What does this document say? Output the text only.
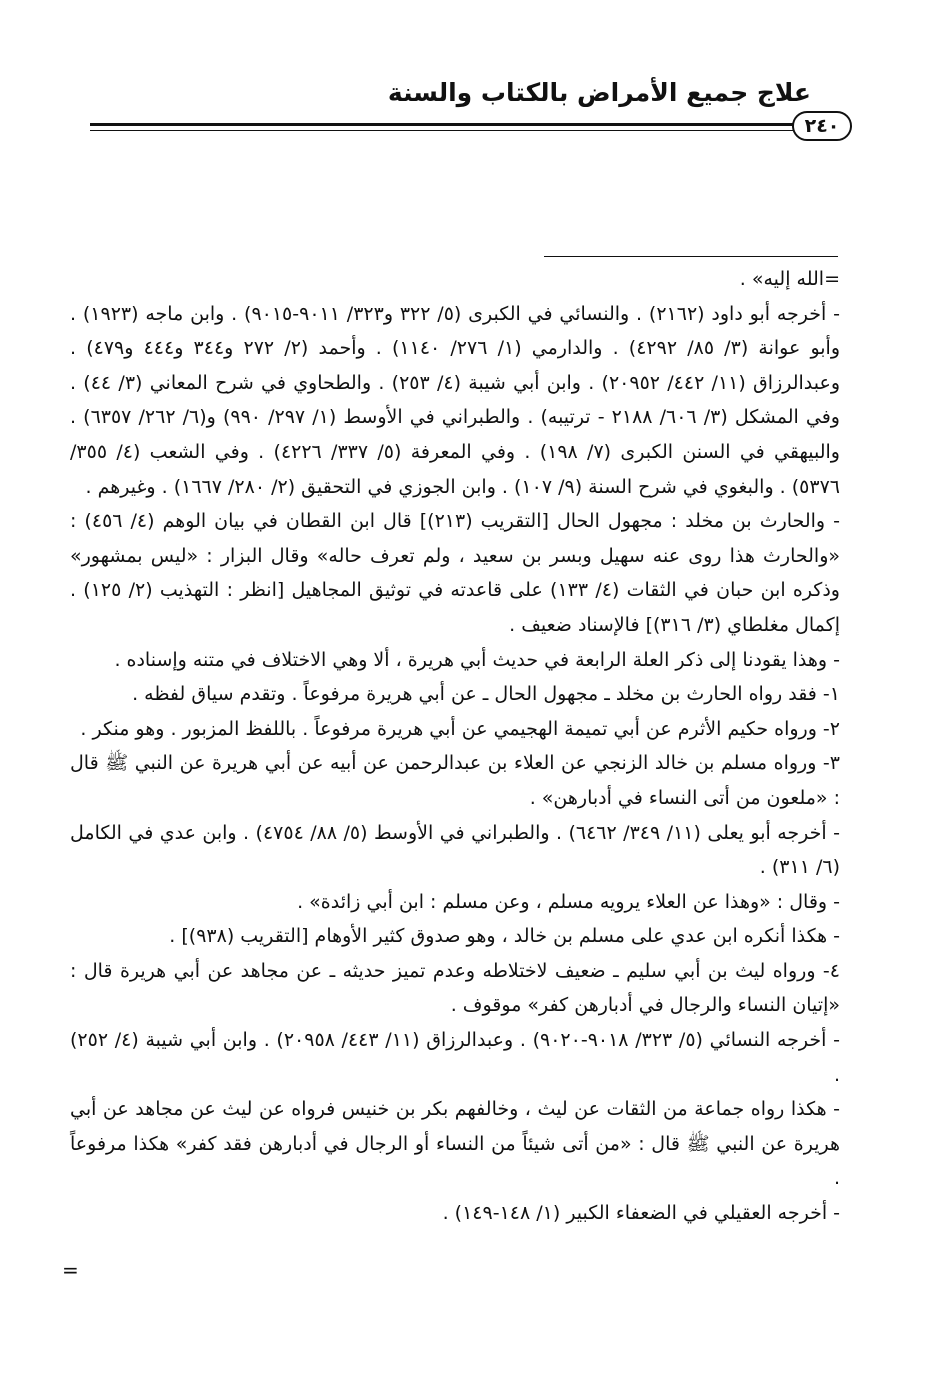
علاج جميع الأمراض بالكتاب والسنة
٢٤٠

=الله إليه» .

- أخرجه أبو داود (٢١٦٢) . والنسائي في الكبرى (٥/ ٣٢٢ و٣٢٣/ ٩٠١١-٩٠١٥) . وابن ماجه (١٩٢٣) . وأبو عوانة (٣/ ٨٥/ ٤٢٩٢) . والدارمي (١/ ٢٧٦/ ١١٤٠) . وأحمد (٢/ ٢٧٢ و٣٤٤ و٤٤٤ و٤٧٩) . وعبدالرزاق (١١/ ٤٤٢/ ٢٠٩٥٢) . وابن أبي شيبة (٤/ ٢٥٣) . والطحاوي في شرح المعاني (٣/ ٤٤) . وفي المشكل (٣/ ٦٠٦/ ٢١٨٨ - ترتيبه) . والطبراني في الأوسط (١/ ٢٩٧/ ٩٩٠) و(٦/ ٢٦٢/ ٦٣٥٧) . والبيهقي في السنن الكبرى (٧/ ١٩٨) . وفي المعرفة (٥/ ٣٣٧/ ٤٢٢٦) . وفي الشعب (٤/ ٣٥٥/ ٥٣٧٦) . والبغوي في شرح السنة (٩/ ١٠٧) . وابن الجوزي في التحقيق (٢/ ٢٨٠/ ١٦٦٧) . وغيرهم .

- والحارث بن مخلد : مجهول الحال [التقريب (٢١٣)] قال ابن القطان في بيان الوهم (٤/ ٤٥٦) : «والحارث هذا روى عنه سهيل وبسر بن سعيد ، ولم تعرف حاله» وقال البزار : «ليس بمشهور» وذكره ابن حبان في الثقات (٤/ ١٣٣) على قاعدته في توثيق المجاهيل [انظر : التهذيب (٢/ ١٢٥) . إكمال مغلطاي (٣/ ٣١٦)] فالإسناد ضعيف .

- وهذا يقودنا إلى ذكر العلة الرابعة في حديث أبي هريرة ، ألا وهي الاختلاف في متنه وإسناده .

١- فقد رواه الحارث بن مخلد ـ مجهول الحال ـ عن أبي هريرة مرفوعاً . وتقدم سياق لفظه .

٢- ورواه حكيم الأثرم عن أبي تميمة الهجيمي عن أبي هريرة مرفوعاً . باللفظ المزبور . وهو منكر .

٣- ورواه مسلم بن خالد الزنجي عن العلاء بن عبدالرحمن عن أبيه عن أبي هريرة عن النبي ﷺ قال : «ملعون من أتى النساء في أدبارهن» .

- أخرجه أبو يعلى (١١/ ٣٤٩/ ٦٤٦٢) . والطبراني في الأوسط (٥/ ٨٨/ ٤٧٥٤) . وابن عدي في الكامل (٦/ ٣١١) .

- وقال : «وهذا عن العلاء يرويه مسلم ، وعن مسلم : ابن أبي زائدة» .

- هكذا أنكره ابن عدي على مسلم بن خالد ، وهو صدوق كثير الأوهام [التقريب (٩٣٨)] .

٤- ورواه ليث بن أبي سليم ـ ضعيف لاختلاطه وعدم تميز حديثه ـ عن مجاهد عن أبي هريرة قال : «إتيان النساء والرجال في أدبارهن كفر» موقوف .

- أخرجه النسائي (٥/ ٣٢٣/ ٩٠١٨-٩٠٢٠) . وعبدالرزاق (١١/ ٤٤٣/ ٢٠٩٥٨) . وابن أبي شيبة (٤/ ٢٥٢) .

- هكذا رواه جماعة من الثقات عن ليث ، وخالفهم بكر بن خنيس فرواه عن ليث عن مجاهد عن أبي هريرة عن النبي ﷺ قال : «من أتى شيئاً من النساء أو الرجال في أدبارهن فقد كفر» هكذا مرفوعاً .

- أخرجه العقيلي في الضعفاء الكبير (١/ ١٤٨-١٤٩) .

=
